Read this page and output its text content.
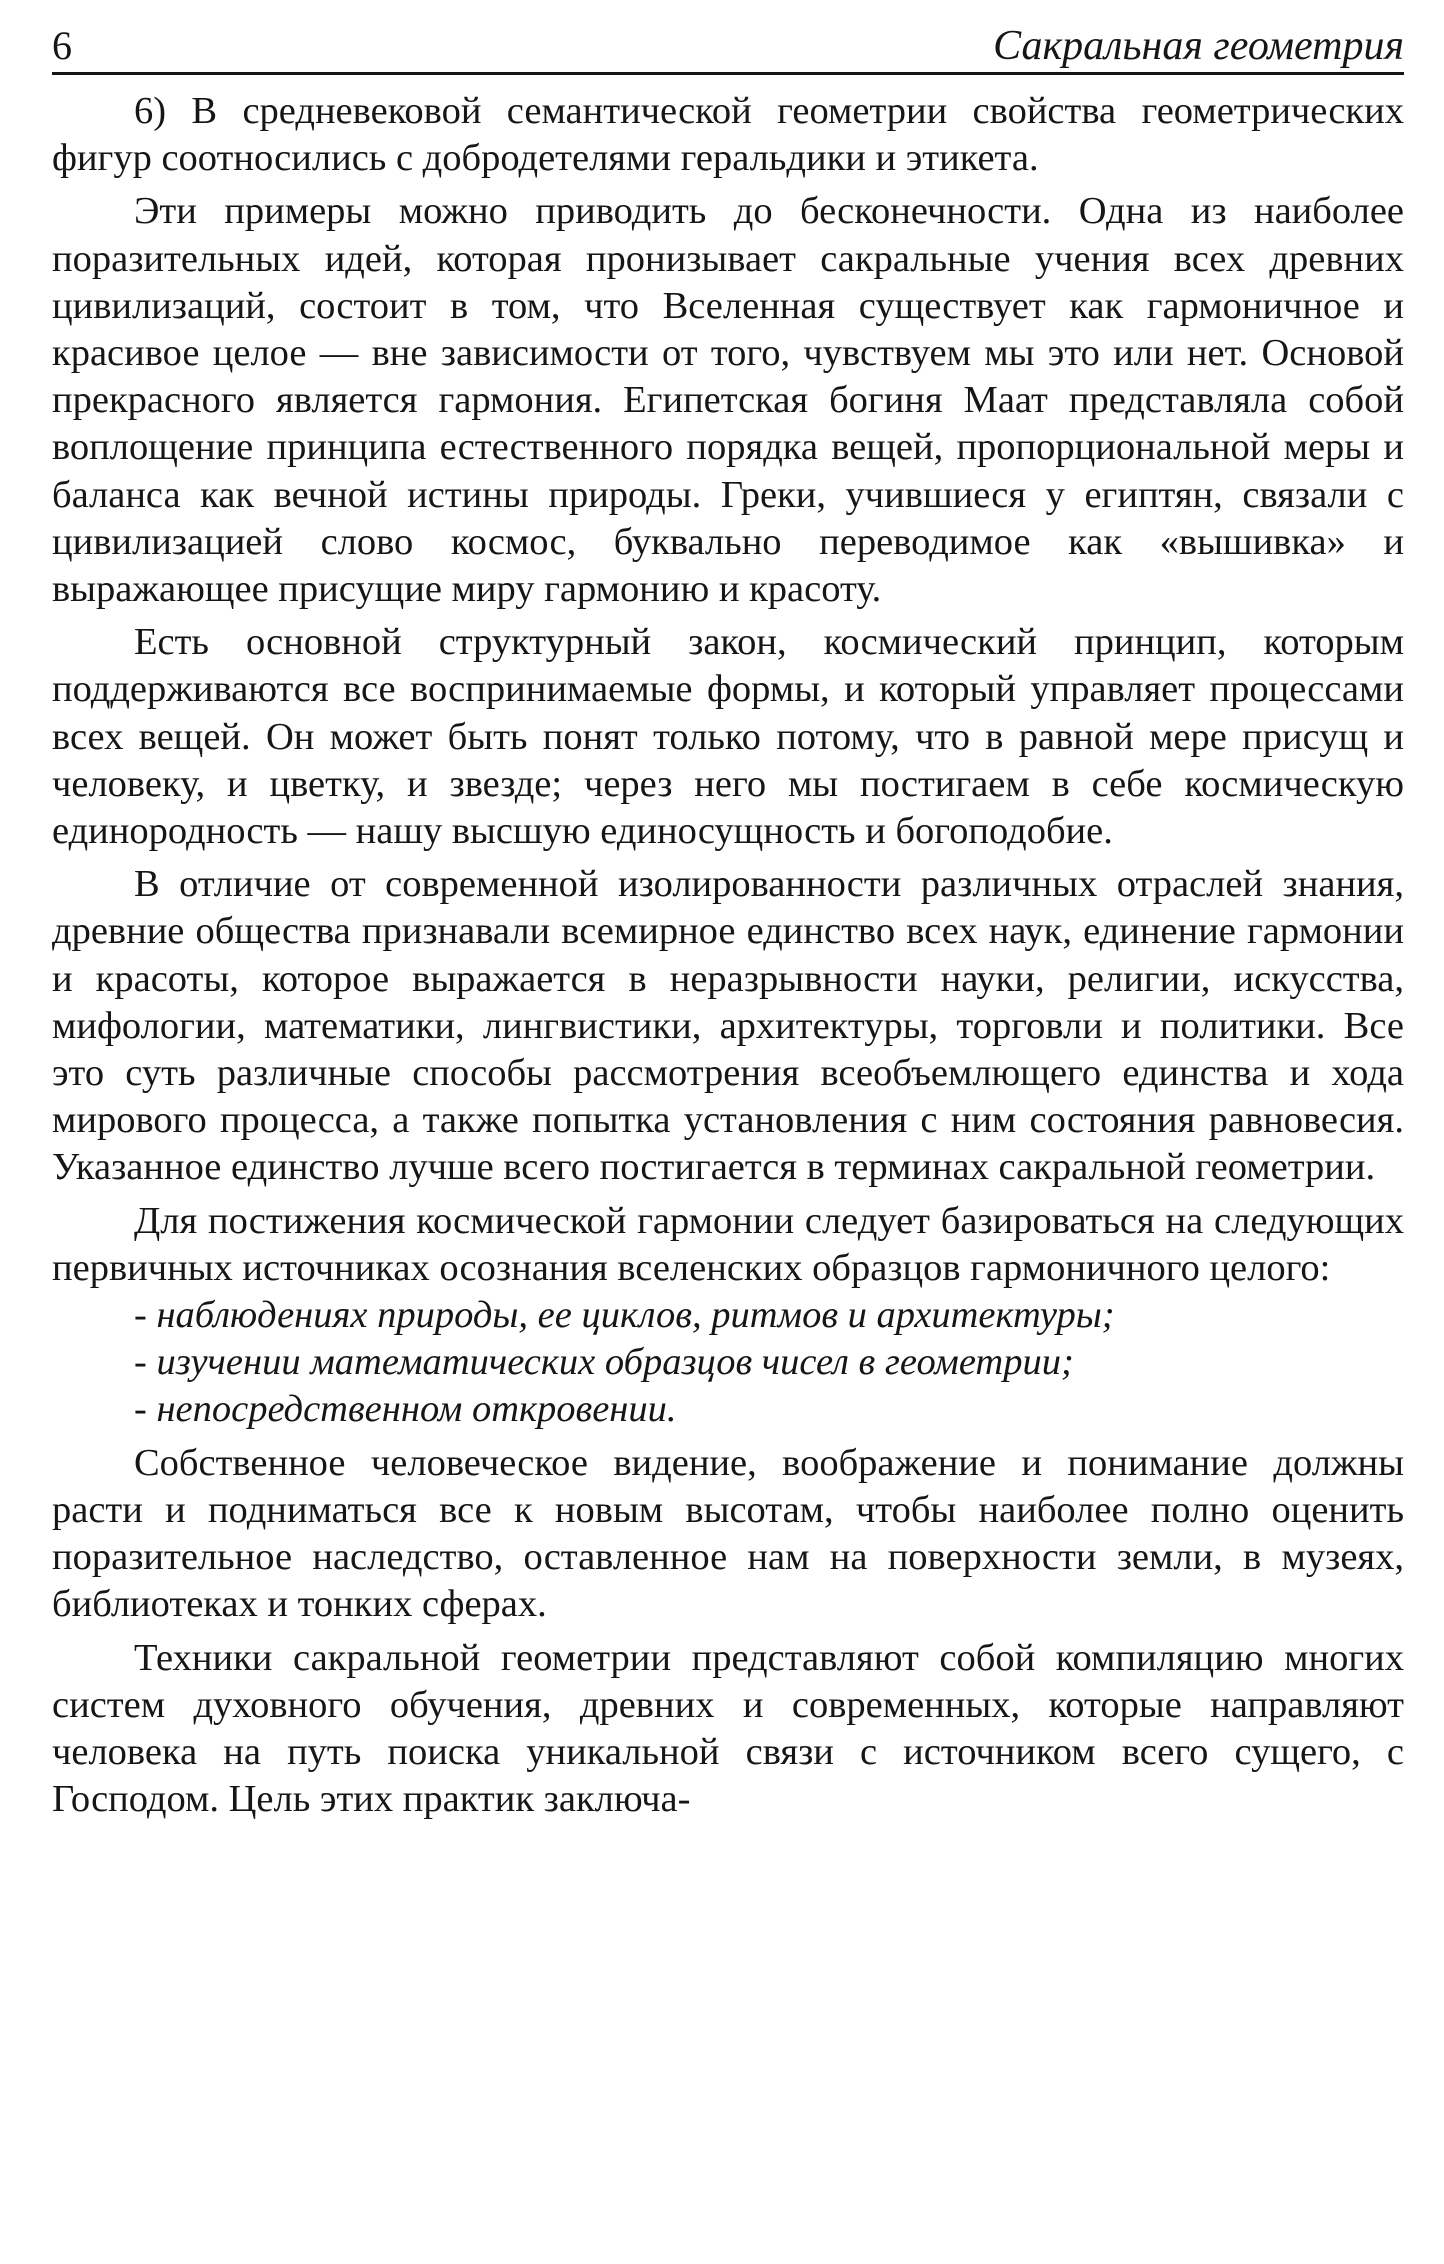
6	Сакральная геометрия

6) В средневековой семантической геометрии свойства геометрических фигур соотносились с добродетелями геральдики и этикета.

Эти примеры можно приводить до бесконечности. Одна из наиболее поразительных идей, которая пронизывает сакральные учения всех древних цивилизаций, состоит в том, что Вселенная существует как гармоничное и красивое целое — вне зависимости от того, чувствуем мы это или нет. Основой прекрасного является гармония. Египетская богиня Маат представляла собой воплощение принципа естественного порядка вещей, пропорциональной меры и баланса как вечной истины природы. Греки, учившиеся у египтян, связали с цивилизацией слово космос, буквально переводимое как «вышивка» и выражающее присущие миру гармонию и красоту.

Есть основной структурный закон, космический принцип, которым поддерживаются все воспринимаемые формы, и который управляет процессами всех вещей. Он может быть понят только потому, что в равной мере присущ и человеку, и цветку, и звезде; через него мы постигаем в себе космическую единородность — нашу высшую единосущность и богоподобие.

В отличие от современной изолированности различных отраслей знания, древние общества признавали всемирное единство всех наук, единение гармонии и красоты, которое выражается в неразрывности науки, религии, искусства, мифологии, математики, лингвистики, архитектуры, торговли и политики. Все это суть различные способы рассмотрения всеобъемлющего единства и хода мирового процесса, а также попытка установления с ним состояния равновесия. Указанное единство лучше всего постигается в терминах сакральной геометрии.

Для постижения космической гармонии следует базироваться на следующих первичных источниках осознания вселенских образцов гармоничного целого:

- наблюдениях природы, ее циклов, ритмов и архитектуры;
- изучении математических образцов чисел в геометрии;
- непосредственном откровении.

Собственное человеческое видение, воображение и понимание должны расти и подниматься все к новым высотам, чтобы наиболее полно оценить поразительное наследство, оставленное нам на поверхности земли, в музеях, библиотеках и тонких сферах.

Техники сакральной геометрии представляют собой компиляцию многих систем духовного обучения, древних и современных, которые направляют человека на путь поиска уникальной связи с источником всего сущего, с Господом. Цель этих практик заключа-
